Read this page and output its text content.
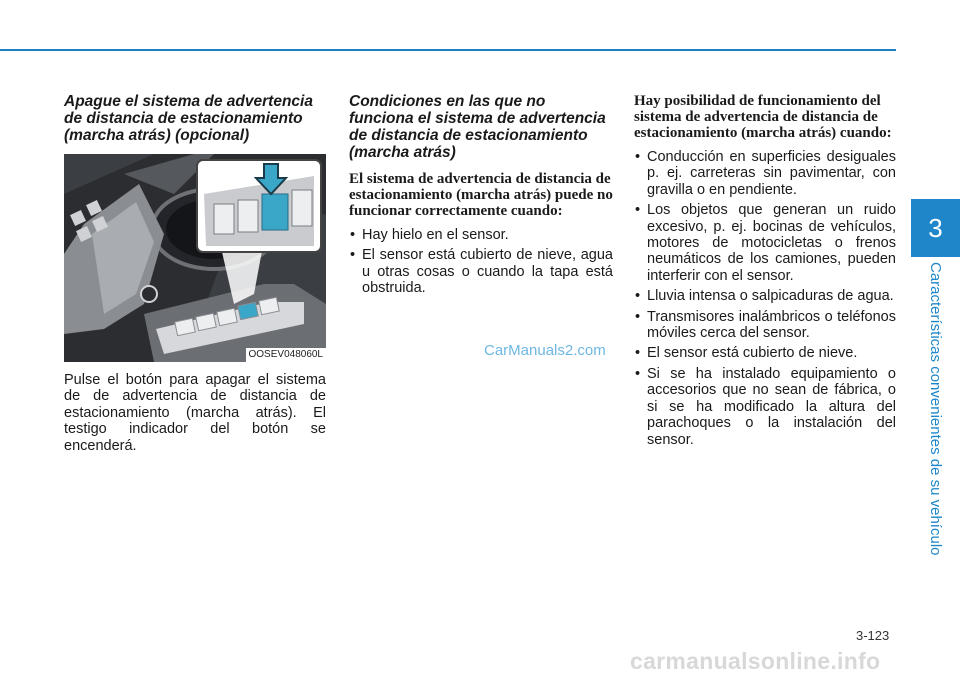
3
Características convenientes de su vehículo

Apague el sistema de advertencia de distancia de estacionamiento (marcha atrás) (opcional)

OOSEV048060L

Pulse el botón para apagar el sistema de de advertencia de distancia de estacionamiento (marcha atrás). El testigo indicador del botón se encenderá.

Condiciones en las que no funciona el sistema de advertencia de distancia de estacionamiento (marcha atrás)

El sistema de advertencia de distancia de estacionamiento (marcha atrás) puede no funcionar correctamente cuando:

• Hay hielo en el sensor.
• El sensor está cubierto de nieve, agua u otras cosas o cuando la tapa está obstruida.

Hay posibilidad de funcionamiento del sistema de advertencia de distancia de estacionamiento (marcha atrás) cuando:

• Conducción en superficies desiguales p. ej. carreteras sin pavimentar, con gravilla o en pendiente.
• Los objetos que generan un ruido excesivo, p. ej. bocinas de vehículos, motores de motocicletas o frenos neumáticos de los camiones, pueden interferir con el sensor.
• Lluvia intensa o salpicaduras de agua.
• Transmisores inalámbricos o teléfonos móviles cerca del sensor.
• El sensor está cubierto de nieve.
• Si se ha instalado equipamiento o accesorios que no sean de fábrica, o si se ha modificado la altura del parachoques o la instalación del sensor.
CarManuals2.com
3-123
carmanualsonline.info
